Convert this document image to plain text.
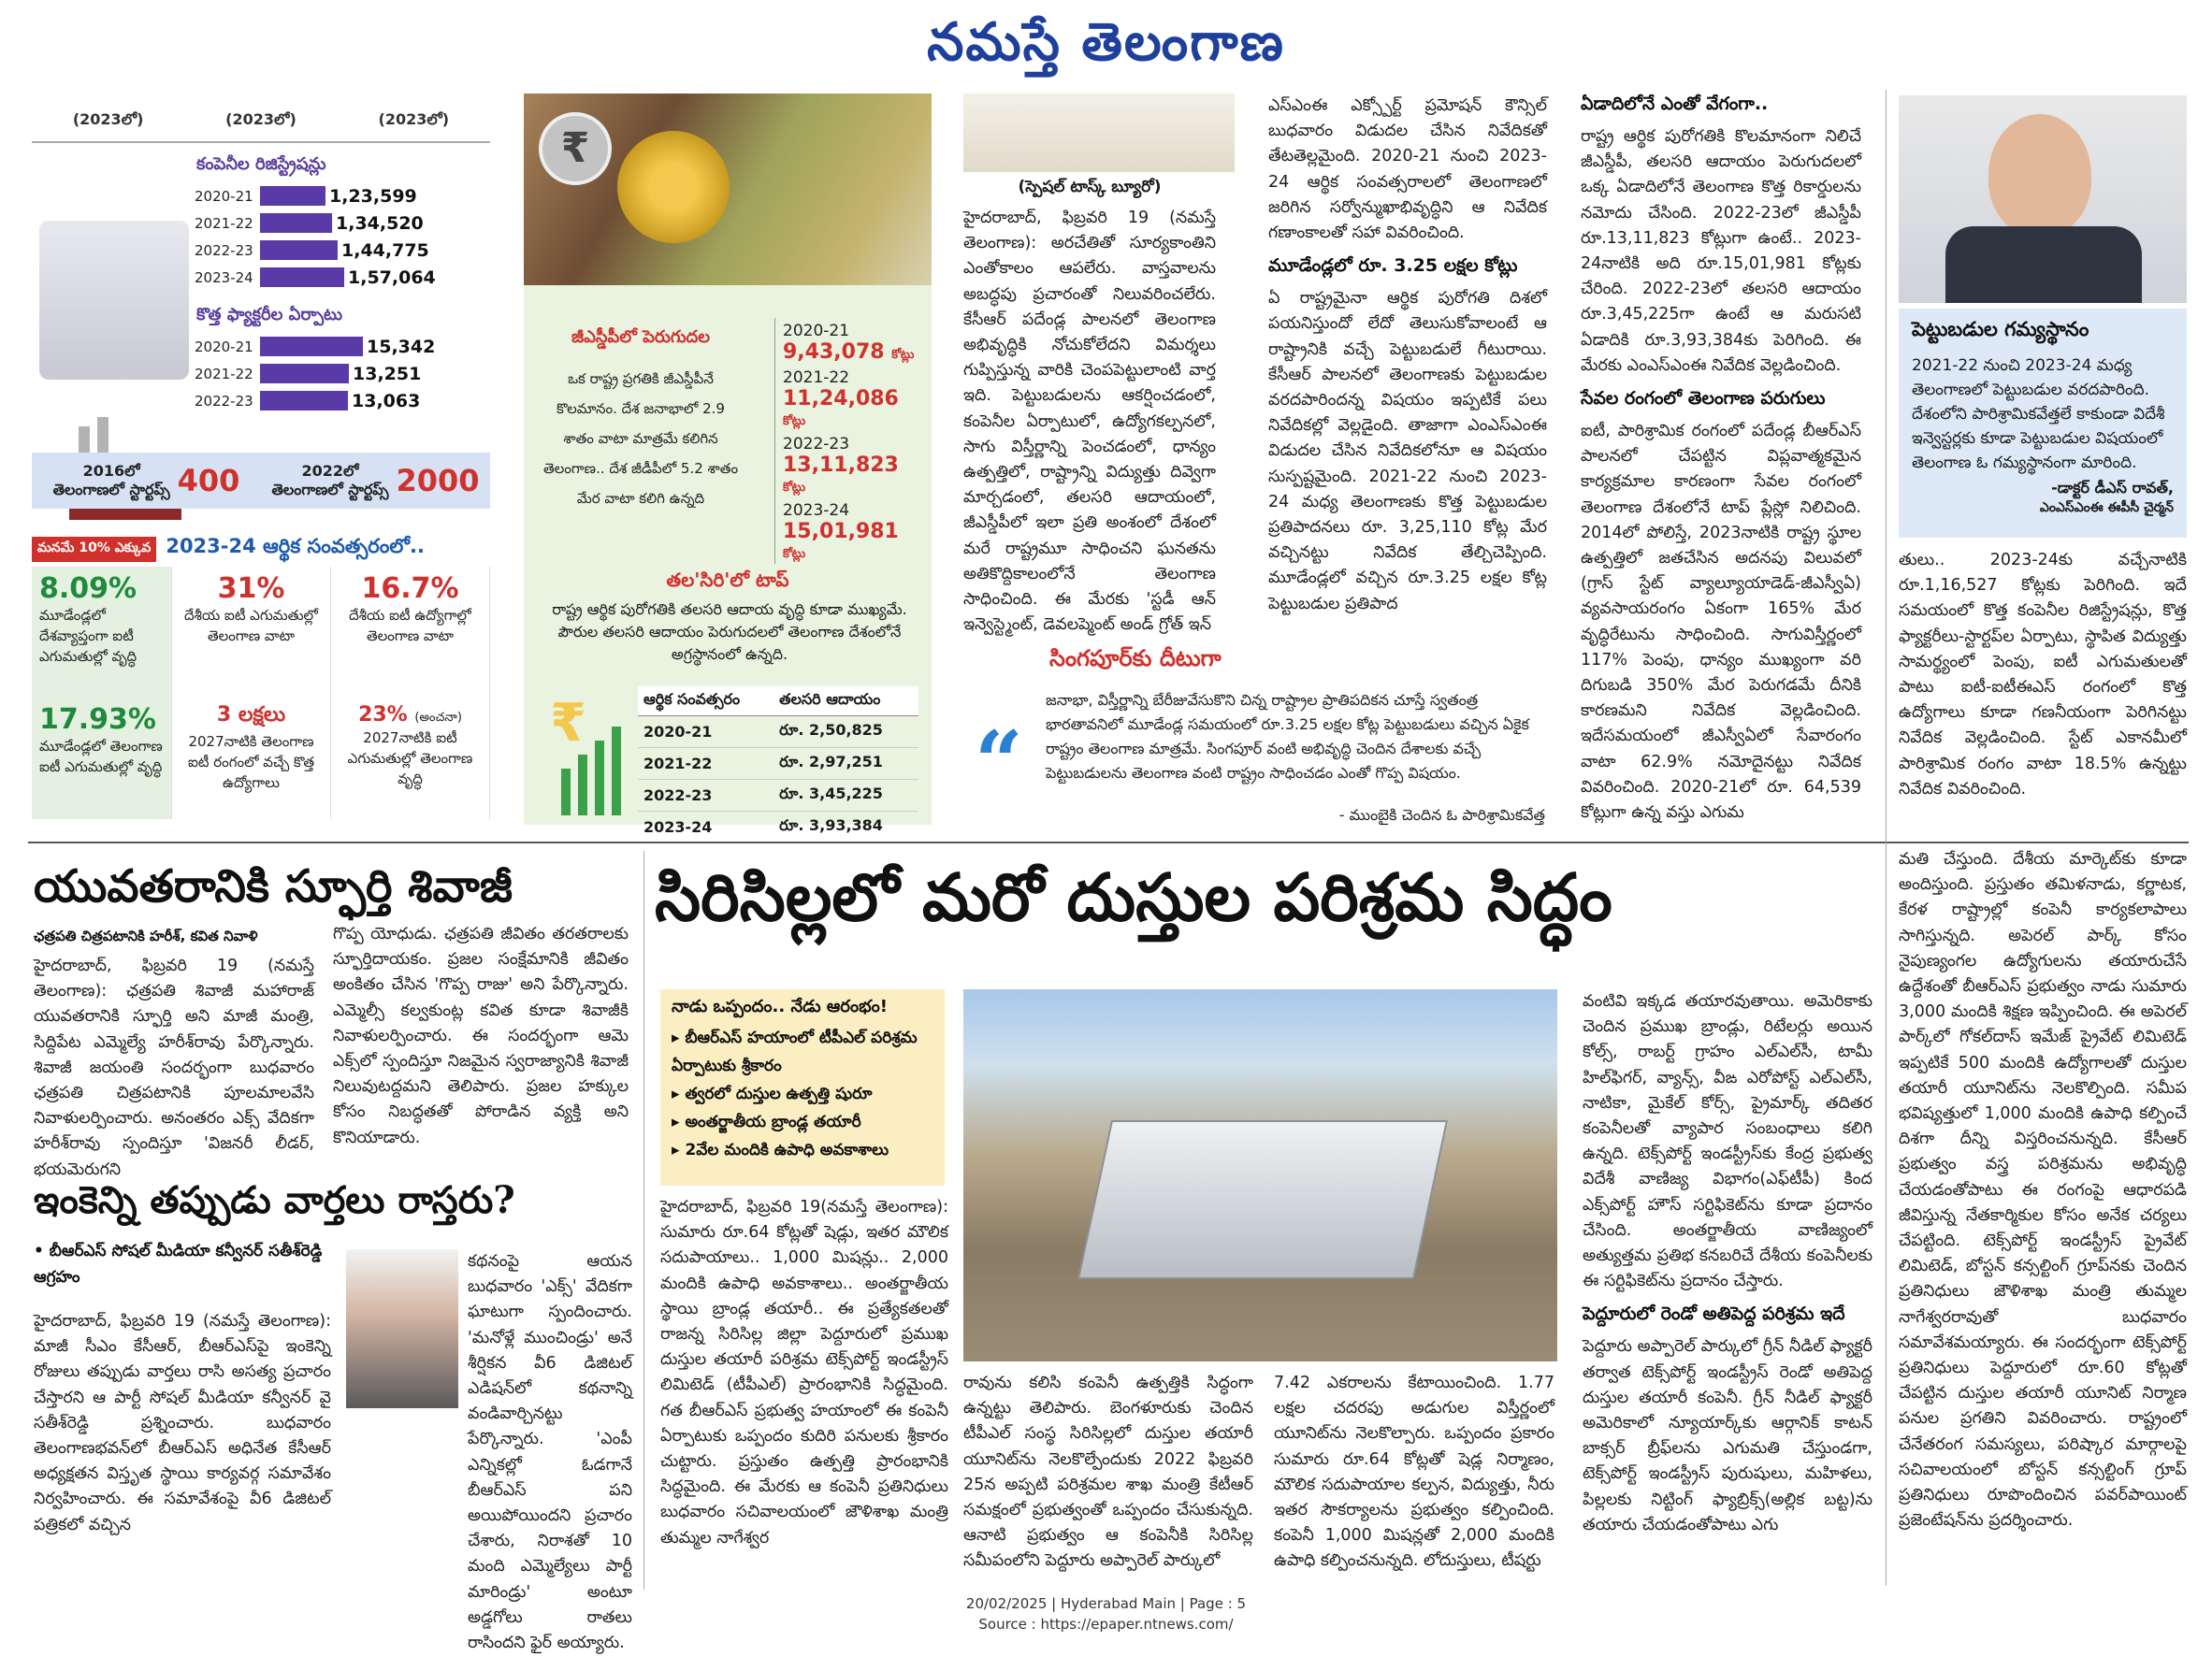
నమస్తే తెలంగాణ
(2023లో)	(2023లో)	(2023లో)
కంపెనీల రిజిస్ట్రేషన్లు
2020-21	1,23,599
2021-22	1,34,520
2022-23	1,44,775
2023-24	1,57,064
కొత్త ఫ్యాక్టరీల ఏర్పాటు
2020-21	15,342
2021-22	13,251
2022-23	13,063
2016లో
తెలంగాణలో స్టార్టప్స్ 400	2022లో
తెలంగాణలో స్టార్టప్స్ 2000
మనమే 10% ఎక్కువ 2023-24 ఆర్థిక సంవత్సరంలో..
8.09%
మూడేండ్లలో దేశవ్యాప్తంగా ఐటీ ఎగుమతుల్లో వృద్ధి
31%
దేశీయ ఐటీ ఎగుమతుల్లో తెలంగాణ వాటా
16.7%
దేశీయ ఐటీ ఉద్యోగాల్లో తెలంగాణ వాటా
17.93%
మూడేండ్లలో తెలంగాణ ఐటీ ఎగుమతుల్లో వృద్ధి
3 లక్షలు
2027నాటికి తెలంగాణ ఐటీ రంగంలో వచ్చే కొత్త ఉద్యోగాలు
23% (అంచనా)
2027నాటికి ఐటీ ఎగుమతుల్లో తెలంగాణ వృద్ధి
₹
జీఎస్డీపీలో పెరుగుదల
ఒక రాష్ట్ర ప్రగతికి జీఎస్డీపీనే కొలమానం. దేశ జనాభాలో 2.9 శాతం వాటా మాత్రమే కలిగిన తెలంగాణ.. దేశ జీడీపీలో 5.2 శాతం మేర వాటా కలిగి ఉన్నది
2020-21
9,43,078 కోట్లు
2021-22
11,24,086 కోట్లు
2022-23
13,11,823 కోట్లు
2023-24
15,01,981 కోట్లు
తల'సిరి'లో టాప్
రాష్ట్ర ఆర్థిక పురోగతికి తలసరి ఆదాయ వృద్ధి కూడా ముఖ్యమే. పౌరుల తలసరి ఆదాయం పెరుగుదలలో తెలంగాణ దేశంలోనే అగ్రస్థానంలో ఉన్నది.
₹	ఆర్థిక సంవత్సరం	తలసరి ఆదాయం
2020-21	రూ. 2,50,825
2021-22	రూ. 2,97,251
2022-23	రూ. 3,45,225
2023-24	రూ. 3,93,384
(స్పెషల్ టాస్క్ బ్యూరో)

హైదరాబాద్, ఫిబ్రవరి 19 (నమస్తే తెలంగాణ): అరచేతితో సూర్యకాంతిని ఎంతోకాలం ఆపలేరు. వాస్తవాలను అబద్ధపు ప్రచారంతో నిలువరించలేరు. కేసీఆర్ పదేండ్ల పాలనలో తెలంగాణ అభివృద్ధికి నోచుకోలేదని విమర్శలు గుప్పిస్తున్న వారికి చెంపపెట్టులాంటి వార్త ఇది. పెట్టుబడులను ఆకర్షించడంలో, కంపెనీల ఏర్పాటులో, ఉద్యోగకల్పనలో, సాగు విస్తీర్ణాన్ని పెంచడంలో, ధాన్యం ఉత్పత్తిలో, రాష్ట్రాన్ని విద్యుత్తు దివ్వెగా మార్చడంలో, తలసరి ఆదాయంలో, జీఎస్డీపీలో ఇలా ప్రతి అంశంలో దేశంలో మరే రాష్ట్రమూ సాధించని ఘనతను అతికొద్దికాలంలోనే తెలంగాణ సాధించింది. ఈ మేరకు 'స్టడీ ఆన్ ఇన్వెస్ట్మెంట్, డెవలప్మెంట్ అండ్ గ్రోత్ ఇన్

ఎస్ఎంఈ ఎక్స్పోర్ట్ ప్రమోషన్ కౌన్సిల్ బుధవారం విడుదల చేసిన నివేదికతో తేటతెల్లమైంది. 2020-21 నుంచి 2023-24 ఆర్థిక సంవత్సరాలలో తెలంగాణలో జరిగిన సర్వోన్ముఖాభివృద్ధిని ఆ నివేదిక గణాంకాలతో సహా వివరించింది.

మూడేండ్లలో రూ. 3.25 లక్షల కోట్లు

ఏ రాష్ట్రమైనా ఆర్థిక పురోగతి దిశలో పయనిస్తుందో లేదో తెలుసుకోవాలంటే ఆ రాష్ట్రానికి వచ్చే పెట్టుబడులే గీటురాయి. కేసీఆర్ పాలనలో తెలంగాణకు పెట్టుబడుల వరదపారిందన్న విషయం ఇప్పటికే పలు నివేదికల్లో వెల్లడైంది. తాజాగా ఎంఎస్ఎంఈ విడుదల చేసిన నివేదికలోనూ ఆ విషయం సుస్పష్టమైంది. 2021-22 నుంచి 2023-24 మధ్య తెలంగాణకు కొత్త పెట్టుబడుల ప్రతిపాదనలు రూ. 3,25,110 కోట్ల మేర వచ్చినట్టు నివేదిక తేల్చిచెప్పింది. మూడేండ్లలో వచ్చిన రూ.3.25 లక్షల కోట్ల పెట్టుబడుల ప్రతిపాద

ఏడాదిలోనే ఎంతో వేగంగా..

రాష్ట్ర ఆర్థిక పురోగతికి కొలమానంగా నిలిచే జీఎస్డీపీ, తలసరి ఆదాయం పెరుగుదలలో ఒక్క ఏడాదిలోనే తెలంగాణ కొత్త రికార్డులను నమోదు చేసింది. 2022-23లో జీఎస్డీపీ రూ.13,11,823 కోట్లుగా ఉంటే.. 2023-24నాటికి అది రూ.15,01,981 కోట్లకు చేరింది. 2022-23లో తలసరి ఆదాయం రూ.3,45,225గా ఉంటే ఆ మరుసటి ఏడాదికి రూ.3,93,384కు పెరిగింది. ఈ మేరకు ఎంఎస్ఎంఈ నివేదిక వెల్లడించింది.

సేవల రంగంలో తెలంగాణ పరుగులు

ఐటీ, పారిశ్రామిక రంగంలో పదేండ్ల బీఆర్ఎస్ పాలనలో చేపట్టిన విప్లవాత్మకమైన కార్యక్రమాల కారణంగా సేవల రంగంలో తెలంగాణ దేశంలోనే టాప్ ప్లేస్లో నిలిచింది. 2014లో పోలిస్తే, 2023నాటికి రాష్ట్ర స్థూల ఉత్పత్తిలో జతచేసిన అదనపు విలువలో (గ్రాస్ స్టేట్ వ్యాల్యూయాడెడ్-జీఎస్వీఏ) వ్యవసాయరంగం ఏకంగా 165% మేర వృద్ధిరేటును సాధించింది. సాగువిస్తీర్ణంలో 117% పెంపు, ధాన్యం ముఖ్యంగా వరి దిగుబడి 350% మేర పెరుగడమే దీనికి కారణమని నివేదిక వెల్లడించింది. ఇదేసమయంలో జీఎస్వీఏలో సేవారంగం వాటా 62.9% నమోదైనట్టు నివేదిక వివరించింది. 2020-21లో రూ. 64,539 కోట్లుగా ఉన్న వస్తు ఎగుమ

సింగపూర్‌కు దీటుగా
“
జనాభా, విస్తీర్ణాన్ని బేరీజువేసుకొని చిన్న రాష్ట్రాల ప్రాతిపదికన చూస్తే స్వతంత్ర భారతావనిలో మూడేండ్ల సమయంలో రూ.3.25 లక్షల కోట్ల పెట్టుబడులు వచ్చిన ఏకైక రాష్ట్రం తెలంగాణ మాత్రమే. సింగపూర్ వంటి అభివృద్ధి చెందిన దేశాలకు వచ్చే పెట్టుబడులను తెలంగాణ వంటి రాష్ట్రం సాధించడం ఎంతో గొప్ప విషయం.
- ముంబైకి చెందిన ఓ పారిశ్రామికవేత్త
పెట్టుబడుల గమ్యస్థానం
2021-22 నుంచి 2023-24 మధ్య తెలంగాణలో పెట్టుబడుల వరదపారింది. దేశంలోని పారిశ్రామికవేత్తలే కాకుండా విదేశీ ఇన్వెస్టర్లకు కూడా పెట్టుబడుల విషయంలో తెలంగాణ ఓ గమ్యస్థానంగా మారింది.
-డాక్టర్ డీఎస్ రావత్,
ఎంఎస్ఎంఈ ఈపీసీ చైర్మన్

తులు.. 2023-24కు వచ్చేనాటికి రూ.1,16,527 కోట్లకు పెరిగింది. ఇదే సమయంలో కొత్త కంపెనీల రిజిస్ట్రేషన్లు, కొత్త ఫ్యాక్టరీలు-స్టార్టప్‌ల ఏర్పాటు, స్థాపిత విద్యుత్తు సామర్థ్యంలో పెంపు, ఐటీ ఎగుమతులతో పాటు ఐటీ-ఐటీఈఎస్ రంగంలో కొత్త ఉద్యోగాలు కూడా గణనీయంగా పెరిగినట్టు నివేదిక వెల్లడించింది. స్టేట్ ఎకానమీలో పారిశ్రామిక రంగం వాటా 18.5% ఉన్నట్టు నివేదిక వివరించింది.

యువతరానికి స్ఫూర్తి శివాజీ
ఛత్రపతి చిత్రపటానికి హరీశ్, కవిత నివాళి

హైదరాబాద్, ఫిబ్రవరి 19 (నమస్తే తెలంగాణ): ఛత్రపతి శివాజీ మహారాజ్ యువతరానికి స్ఫూర్తి అని మాజీ మంత్రి, సిద్దిపేట ఎమ్మెల్యే హరీశ్‌రావు పేర్కొన్నారు. శివాజీ జయంతి సందర్భంగా బుధవారం ఛత్రపతి చిత్రపటానికి పూలమాలవేసి నివాళులర్పించారు. అనంతరం ఎక్స్ వేదికగా హరీశ్‌రావు స్పందిస్తూ 'విజనరీ లీడర్, భయమెరుగని

గొప్ప యోధుడు. ఛత్రపతి జీవితం తరతరాలకు స్ఫూర్తిదాయకం. ప్రజల సంక్షేమానికి జీవితం అంకితం చేసిన 'గొప్ప రాజు' అని పేర్కొన్నారు. ఎమ్మెల్సీ కల్వకుంట్ల కవిత కూడా శివాజీకి నివాళులర్పించారు. ఈ సందర్భంగా ఆమె ఎక్స్‌లో స్పందిస్తూ నిజమైన స్వరాజ్యానికి శివాజీ నిలువుటద్దమని తెలిపారు. ప్రజల హక్కుల కోసం నిబద్ధతతో పోరాడిన వ్యక్తి అని కొనియాడారు.

ఇంకెన్ని తప్పుడు వార్తలు రాస్తరు?
• బీఆర్ఎస్ సోషల్ మీడియా కన్వీనర్ సతీశ్‌రెడ్డి ఆగ్రహం

హైదరాబాద్, ఫిబ్రవరి 19 (నమస్తే తెలంగాణ): మాజీ సీఎం కేసీఆర్, బీఆర్ఎస్‌పై ఇంకెన్ని రోజులు తప్పుడు వార్తలు రాసి అసత్య ప్రచారం చేస్తారని ఆ పార్టీ సోషల్ మీడియా కన్వీనర్ వై సతీశ్‌రెడ్డి ప్రశ్నించారు. బుధవారం తెలంగాణభవన్‌లో బీఆర్ఎస్ అధినేత కేసీఆర్ అధ్యక్షతన విస్తృత స్థాయి కార్యవర్గ సమావేశం నిర్వహించారు. ఈ సమావేశంపై వీ6 డిజిటల్ పత్రికలో వచ్చిన

కథనంపై ఆయన బుధవారం 'ఎక్స్' వేదికగా ఘాటుగా స్పందించారు. 'మనోళ్లే ముంచిండ్రు' అనే శీర్షికన వీ6 డిజిటల్ ఎడిషన్‌లో కథనాన్ని వండివార్చినట్టు పేర్కొన్నారు. 'ఎంపీ ఎన్నికల్లో ఓడగానే బీఆర్ఎస్ పని అయిపోయిందని ప్రచారం చేశారు, నిరాశతో 10 మంది ఎమ్మెల్యేలు పార్టీ మారిండ్రు' అంటూ అడ్డగోలు రాతలు రాసిందని ఫైర్ అయ్యారు.

సిరిసిల్లలో మరో దుస్తుల పరిశ్రమ సిద్ధం
నాడు ఒప్పందం.. నేడు ఆరంభం!
▸ బీఆర్ఎస్ హయాంలో టీపీఎల్ పరిశ్రమ ఏర్పాటుకు శ్రీకారం
▸ త్వరలో దుస్తుల ఉత్పత్తి షురూ
▸ అంతర్జాతీయ బ్రాండ్ల తయారీ
▸ 2వేల మందికి ఉపాధి అవకాశాలు

హైదరాబాద్, ఫిబ్రవరి 19(నమస్తే తెలంగాణ): సుమారు రూ.64 కోట్లతో షెడ్లు, ఇతర మౌలిక సదుపాయాలు.. 1,000 మిషన్లు.. 2,000 మందికి ఉపాధి అవకాశాలు.. అంతర్జాతీయ స్థాయి బ్రాండ్ల తయారీ.. ఈ ప్రత్యేకతలతో రాజన్న సిరిసిల్ల జిల్లా పెద్దూరులో ప్రముఖ దుస్తుల తయారీ పరిశ్రమ టెక్స్‌పోర్ట్ ఇండస్ట్రీస్ లిమిటెడ్ (టీపీఎల్) ప్రారంభానికి సిద్ధమైంది. గత బీఆర్ఎస్ ప్రభుత్వ హయాంలో ఈ కంపెనీ ఏర్పాటుకు ఒప్పందం కుదిరి పనులకు శ్రీకారం చుట్టారు. ప్రస్తుతం ఉత్పత్తి ప్రారంభానికి సిద్ధమైంది. ఈ మేరకు ఆ కంపెనీ ప్రతినిధులు బుధవారం సచివాలయంలో జౌళిశాఖ మంత్రి తుమ్మల నాగేశ్వర

రావును కలిసి కంపెనీ ఉత్పత్తికి సిద్ధంగా ఉన్నట్టు తెలిపారు. బెంగళూరుకు చెందిన టీపీఎల్ సంస్థ సిరిసిల్లలో దుస్తుల తయారీ యూనిట్‌ను నెలకొల్పేందుకు 2022 ఫిబ్రవరి 25న అప్పటి పరిశ్రమల శాఖ మంత్రి కేటీఆర్ సమక్షంలో ప్రభుత్వంతో ఒప్పందం చేసుకున్నది. ఆనాటి ప్రభుత్వం ఆ కంపెనీకి సిరిసిల్ల సమీపంలోని పెద్దూరు అప్పారెల్ పార్కులో

7.42 ఎకరాలను కేటాయించింది. 1.77 లక్షల చదరపు అడుగుల విస్తీర్ణంలో యూనిట్‌ను నెలకొల్పారు. ఒప్పందం ప్రకారం సుమారు రూ.64 కోట్లతో షెడ్ల నిర్మాణం, మౌలిక సదుపాయాల కల్పన, విద్యుత్తు, నీరు ఇతర సౌకర్యాలను ప్రభుత్వం కల్పించింది. కంపెనీ 1,000 మిషన్లతో 2,000 మందికి ఉపాధి కల్పించనున్నది. లోదుస్తులు, టీషర్టు

వంటివి ఇక్కడ తయారవుతాయి. అమెరికాకు చెందిన ప్రముఖ బ్రాండ్లు, రిటేలర్లు అయిన కోల్స్, రాబర్ట్ గ్రాహం ఎల్ఎల్‌సీ, టామీ హిల్‌ఫిగర్, వ్యాన్స్, వీఙ ఎరోపోస్ట్ ఎల్‌ఎల్‌సీ, నాటికా, మైకేల్ కోర్స్, ప్రైమార్క్ తదితర కంపెనీలతో వ్యాపార సంబంధాలు కలిగి ఉన్నది. టెక్స్‌పోర్ట్ ఇండస్ట్రీస్‌కు కేంద్ర ప్రభుత్వ విదేశీ వాణిజ్య విభాగం(ఎఫ్‌టీపీ) కింద ఎక్స్‌పోర్ట్ హౌస్ సర్టిఫికెట్‌ను కూడా ప్రదానం చేసింది. అంతర్జాతీయ వాణిజ్యంలో అత్యుత్తమ ప్రతిభ కనబరిచే దేశీయ కంపెనీలకు ఈ సర్టిఫికెట్‌ను ప్రదానం చేస్తారు.

పెద్దూరులో రెండో అతిపెద్ద పరిశ్రమ ఇదే

పెద్దూరు అప్పారెల్ పార్కులో గ్రీన్ నీడిల్ ఫ్యాక్టరీ తర్వాత టెక్స్‌పోర్ట్ ఇండస్ట్రీస్ రెండో అతిపెద్ద దుస్తుల తయారీ కంపెనీ. గ్రీన్ నీడిల్ ఫ్యాక్టరీ అమెరికాలో న్యూయార్క్‌కు ఆర్గానిక్ కాటన్ బాక్సర్ బ్రీఫ్‌లను ఎగుమతి చేస్తుండగా, టెక్స్‌పోర్ట్ ఇండస్ట్రీస్ పురుషులు, మహిళలు, పిల్లలకు నిట్టింగ్ ఫ్యాబ్రిక్స్(అల్లిక బట్ట)ను తయారు చేయడంతోపాటు ఎగు

మతి చేస్తుంది. దేశీయ మార్కెట్‌కు కూడా అందిస్తుంది. ప్రస్తుతం తమిళనాడు, కర్ణాటక, కేరళ రాష్ట్రాల్లో కంపెనీ కార్యకలాపాలు సాగిస్తున్నది. అపెరల్ పార్క్ కోసం నైపుణ్యంగల ఉద్యోగులను తయారుచేసే ఉద్దేశంతో బీఆర్ఎస్ ప్రభుత్వం నాడు సుమారు 3,000 మందికి శిక్షణ ఇప్పించింది. ఈ అపెరల్ పార్క్‌లో గోకల్‌దాస్ ఇమేజ్ ప్రైవేట్ లిమిటెడ్ ఇప్పటికే 500 మందికి ఉద్యోగాలతో దుస్తుల తయారీ యూనిట్‌ను నెలకొల్పింది. సమీప భవిష్యత్తులో 1,000 మందికి ఉపాధి కల్పించే దిశగా దీన్ని విస్తరించనున్నది. కేసీఆర్ ప్రభుత్వం వస్త్ర పరిశ్రమను అభివృద్ధి చేయడంతోపాటు ఈ రంగంపై ఆధారపడి జీవిస్తున్న నేతకార్మికుల కోసం అనేక చర్యలు చేపట్టింది. టెక్స్‌పోర్ట్ ఇండస్ట్రీస్ ప్రైవేట్ లిమిటెడ్, బోస్టన్ కన్సల్టింగ్ గ్రూప్‌నకు చెందిన ప్రతినిధులు జౌళిశాఖ మంత్రి తుమ్మల నాగేశ్వరరావుతో బుధవారం సమావేశమయ్యారు. ఈ సందర్భంగా టెక్స్‌పోర్ట్ ప్రతినిధులు పెద్దూరులో రూ.60 కోట్లతో చేపట్టిన దుస్తుల తయారీ యూనిట్ నిర్మాణ పనుల ప్రగతిని వివరించారు. రాష్ట్రంలో చేనేతరంగ సమస్యలు, పరిష్కార మార్గాలపై సచివాలయంలో బోస్టన్ కన్సల్టింగ్ గ్రూప్ ప్రతినిధులు రూపొందించిన పవర్‌పాయింట్ ప్రజెంటేషన్‌ను ప్రదర్శించారు.

20/02/2025 | Hyderabad Main | Page : 5
Source : https://epaper.ntnews.com/
